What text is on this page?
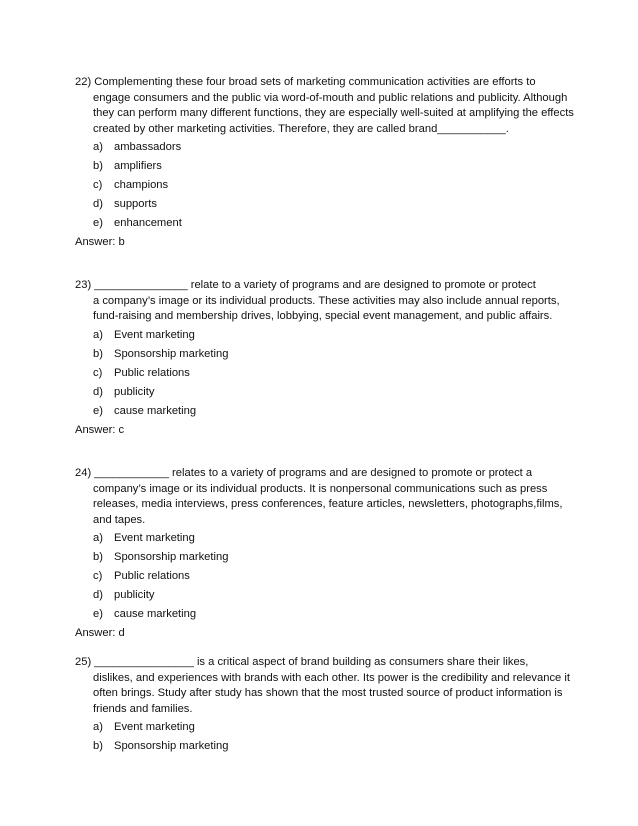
22) Complementing these four broad sets of marketing communication activities are efforts to
engage consumers and the public via word-of-mouth and public relations and publicity. Although they can perform many different functions, they are especially well-suited at amplifying the effects created by other marketing activities. Therefore, they are called brand___________.

a) ambassadors
b) amplifiers
c)	champions
d) supports
e) enhancement

Answer: b

23) _______________ relate to a variety of programs and are designed to promote or protect
a company’s image or its individual products. These activities may also include annual reports, fund-raising and membership drives, lobbying, special event management, and public affairs.

a) Event marketing
b) Sponsorship marketing
c)	Public relations
d) publicity
e) cause marketing

Answer: c

24) ____________ relates to a variety of programs and are designed to promote or protect a
company’s image or its individual products. It is nonpersonal communications such as press releases, media interviews, press conferences, feature articles, newsletters, photographs,films, and tapes.

a) Event marketing
b) Sponsorship marketing
c)	Public relations
d) publicity
e) cause marketing

Answer: d

25) ________________ is a critical aspect of brand building as consumers share their likes,
dislikes, and experiences with brands with each other. Its power is the credibility and relevance it often brings. Study after study has shown that the most trusted source of product information is friends and families.

a) Event marketing
b) Sponsorship marketing
